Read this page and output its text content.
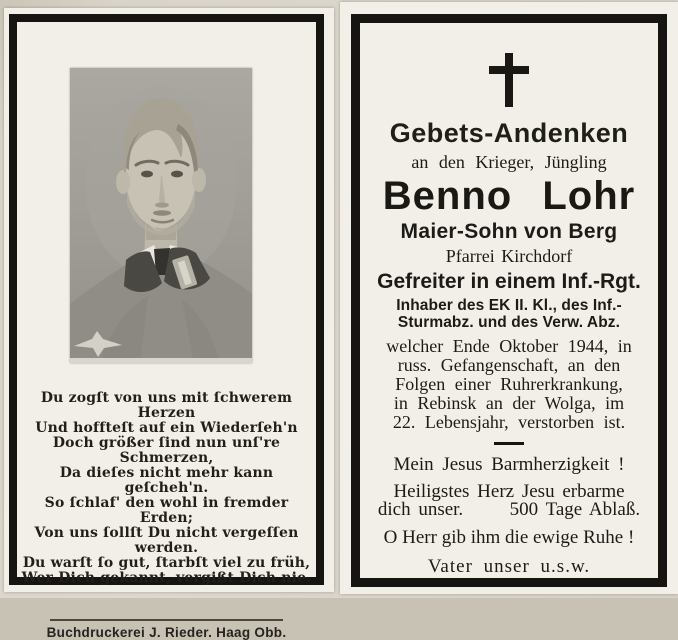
Du zogſt von uns mit ſchwerem Herzen
Und hoffteſt auf ein Wiederſeh'n
Doch größer ſind nun unſ're Schmerzen,
Da dieſes nicht mehr kann geſcheh'n.
So ſchlaf' den wohl in fremder Erden;
Von uns ſollſt Du nicht vergeſſen werden.
Du warſt ſo gut, ſtarbſt viel zu früh,
Wer Dich gekannt, vergißt Dich nie.
Buchdruckerei J. Rieder. Haag Obb.
Gebets-Andenken
an den Krieger, Jüngling
Benno Lohr
Maier-Sohn von Berg
Pfarrei Kirchdorf
Gefreiter in einem Inf.-Rgt.
Inhaber des EK II. Kl., des Inf.-
Sturmabz. und des Verw. Abz.
welcher Ende Oktober 1944, in
russ. Gefangenschaft, an den
Folgen einer Ruhrerkrankung,
in Rebinsk an der Wolga, im
22. Lebensjahr, verstorben ist.
Mein Jesus Barmherzigkeit !
Heiligstes Herz Jesu erbarme
dich unser.      500 Tage Ablaß.
O Herr gib ihm die ewige Ruhe !
Vater unser u.s.w.
